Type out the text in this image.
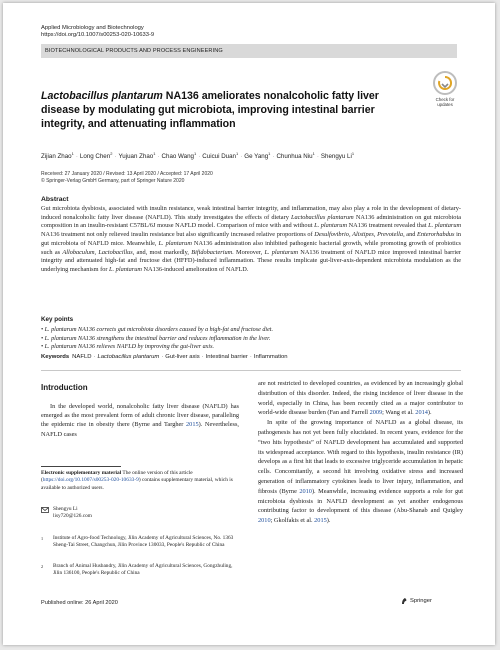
Applied Microbiology and Biotechnology
https://doi.org/10.1007/s00253-020-10633-9
BIOTECHNOLOGICAL PRODUCTS AND PROCESS ENGINEERING
Lactobacillus plantarum NA136 ameliorates nonalcoholic fatty liver disease by modulating gut microbiota, improving intestinal barrier integrity, and attenuating inflammation
Check for
updates
Zijian Zhao$^1$ · Long Chen$^2$ · Yujuan Zhao$^1$ · Chao Wang$^1$ · Cuicui Duan$^1$ · Ge Yang$^1$ · Chunhua Niu$^1$ · Shengyu Li$^1$
Received: 27 January 2020 / Revised: 13 April 2020 / Accepted: 17 April 2020
© Springer-Verlag GmbH Germany, part of Springer Nature 2020
Abstract
Gut microbiota dysbiosis, associated with insulin resistance, weak intestinal barrier integrity, and inflammation, may also play a role in the development of dietary-induced nonalcoholic fatty liver disease (NAFLD). This study investigates the effects of dietary Lactobacillus plantarum NA136 administration on gut microbiota composition in an insulin-resistant C57BL/6J mouse NAFLD model. Comparison of mice with and without L. plantarum NA136 treatment revealed that L. plantarum NA136 treatment not only relieved insulin resistance but also significantly increased relative proportions of Desulfovibrio, Alistipes, Prevotella, and Enterorhabdus in gut microbiota of NAFLD mice. Meanwhile, L. plantarum NA136 administration also inhibited pathogenic bacterial growth, while promoting growth of probiotics such as Allobaculum, Lactobacillus, and, most markedly, Bifidobacterium. Moreover, L. plantarum NA136 treatment of NAFLD mice improved intestinal barrier integrity and attenuated high-fat and fructose diet (HFFD)-induced inflammation. These results implicate gut-liver-axis-dependent microbiota modulation as the underlying mechanism for L. plantarum NA136-induced amelioration of NAFLD.
Key points
• L. plantarum NA136 corrects gut microbiota disorders caused by a high-fat and fructose diet.
• L. plantarum NA136 strengthens the intestinal barrier and reduces inflammation in the liver.
• L. plantarum NA136 relieves NAFLD by improving the gut-liver axis.
Keywords NAFLD · Lactobacillus plantarum · Gut-liver axis · Intestinal barrier · Inflammation
Introduction
In the developed world, nonalcoholic fatty liver disease (NAFLD) has emerged as the most prevalent form of adult chronic liver disease, paralleling the epidemic rise in obesity there (Byrne and Targher 2015). Nevertheless, NAFLD cases
are not restricted to developed countries, as evidenced by an increasingly global distribution of this disorder. Indeed, the rising incidence of liver disease in the world, especially in China, has been recently cited as a major contributor to world-wide disease burden (Fan and Farrell 2009; Wang et al. 2014).
In spite of the growing importance of NAFLD as a global disease, its pathogenesis has not yet been fully elucidated. In recent years, evidence for the “two hits hypothesis” of NAFLD development has accumulated and supported its widespread acceptance. With regard to this hypothesis, insulin resistance (IR) develops as a first hit that leads to excessive triglyceride accumulation in hepatic cells. Concomitantly, a second hit involving oxidative stress and increased generation of inflammatory cytokines leads to liver injury, inflammation, and fibrosis (Byrne 2010). Meanwhile, increasing evidence supports a role for gut microbiota dysbiosis in NAFLD development as yet another endogenous contributing factor to development of this disease (Abu-Shanab and Quigley 2010; Gkolfakis et al. 2015).
Electronic supplementary material The online version of this article (https://doi.org/10.1007/s00253-020-10633-9) contains supplementary material, which is available to authorized users.
Shengyu Li
lisy720@126.com
1 Institute of Agro-food Technology, Jilin Academy of Agricultural Sciences, No. 1363 Sheng-Tai Street, Changchun, Jilin Province 130033, People's Republic of China
2 Branch of Animal Husbandry, Jilin Academy of Agricultural Sciences, Gongzhuling, Jilin 136100, People's Republic of China
Published online: 26 April 2020	Springer
